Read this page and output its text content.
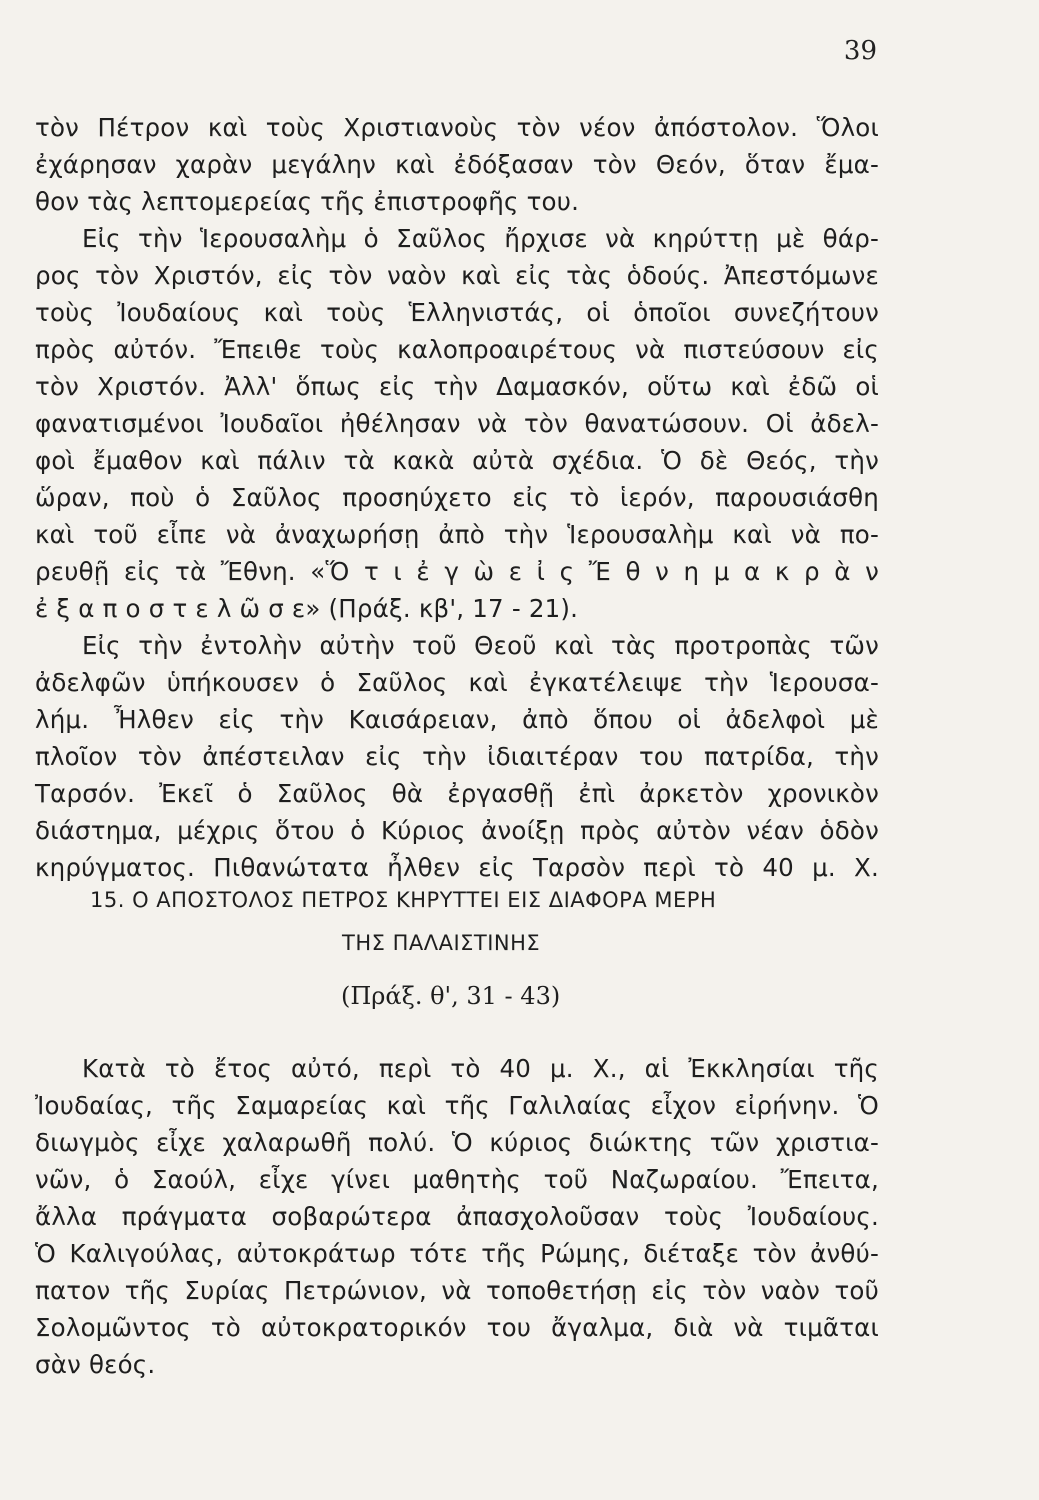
39
τὸν Πέτρον καὶ τοὺς Χριστιανοὺς τὸν νέον ἀπόστολον. Ὅλοι
ἐχάρησαν χαρὰν μεγάλην καὶ ἐδόξασαν τὸν Θεόν, ὅταν ἔμα-
θον τὰς λεπτομερείας τῆς ἐπιστροφῆς του.
Εἰς τὴν Ἱερουσαλὴμ ὁ Σαῦλος ἤρχισε νὰ κηρύττῃ μὲ θάρ-
ρος τὸν Χριστόν, εἰς τὸν ναὸν καὶ εἰς τὰς ὁδούς. Ἀπεστόμωνε
τοὺς Ἰουδαίους καὶ τοὺς Ἑλληνιστάς, οἱ ὁποῖοι συνεζήτουν
πρὸς αὐτόν. Ἔπειθε τοὺς καλοπροαιρέτους νὰ πιστεύσουν εἰς
τὸν Χριστόν. Ἀλλ' ὅπως εἰς τὴν Δαμασκόν, οὕτω καὶ ἐδῶ οἱ
φανατισμένοι Ἰουδαῖοι ἠθέλησαν νὰ τὸν θανατώσουν. Οἱ ἀδελ-
φοὶ ἔμαθον καὶ πάλιν τὰ κακὰ αὐτὰ σχέδια. Ὁ δὲ Θεός, τὴν
ὥραν, ποὺ ὁ Σαῦλος προσηύχετο εἰς τὸ ἱερόν, παρουσιάσθη
καὶ τοῦ εἶπε νὰ ἀναχωρήσῃ ἀπὸ τὴν Ἱερουσαλὴμ καὶ νὰ πο-
ρευθῇ εἰς τὰ Ἔθνη. «Ὅ τ ι ἐ γ ὼ ε ἰ ς Ἔ θ ν η μ α κ ρ ὰ ν
ἐ ξ α π ο σ τ ε λ ῶ σ ε» (Πράξ. κβ', 17 - 21).
Εἰς τὴν ἐντολὴν αὐτὴν τοῦ Θεοῦ καὶ τὰς προτροπὰς τῶν
ἀδελφῶν ὑπήκουσεν ὁ Σαῦλος καὶ ἐγκατέλειψε τὴν Ἱερουσα-
λήμ. Ἦλθεν εἰς τὴν Καισάρειαν, ἀπὸ ὅπου οἱ ἀδελφοὶ μὲ
πλοῖον τὸν ἀπέστειλαν εἰς τὴν ἰδιαιτέραν του πατρίδα, τὴν
Ταρσόν. Ἐκεῖ ὁ Σαῦλος θὰ ἐργασθῇ ἐπὶ ἀρκετὸν χρονικὸν
διάστημα, μέχρις ὅτου ὁ Κύριος ἀνοίξῃ πρὸς αὐτὸν νέαν ὁδὸν
κηρύγματος. Πιθανώτατα ἦλθεν εἰς Ταρσὸν περὶ τὸ 40 μ. Χ.
15. Ο ΑΠΟΣΤΟΛΟΣ ΠΕΤΡΟΣ ΚΗΡΥΤΤΕΙ ΕΙΣ ΔΙΑΦΟΡΑ ΜΕΡΗ
ΤΗΣ ΠΑΛΑΙΣΤΙΝΗΣ
(Πράξ. θ', 31 - 43)
Κατὰ τὸ ἔτος αὐτό, περὶ τὸ 40 μ. Χ., αἱ Ἐκκλησίαι τῆς
Ἰουδαίας, τῆς Σαμαρείας καὶ τῆς Γαλιλαίας εἶχον εἰρήνην. Ὁ
διωγμὸς εἶχε χαλαρωθῆ πολύ. Ὁ κύριος διώκτης τῶν χριστια-
νῶν, ὁ Σαούλ, εἶχε γίνει μαθητὴς τοῦ Ναζωραίου. Ἔπειτα,
ἄλλα πράγματα σοβαρώτερα ἀπασχολοῦσαν τοὺς Ἰουδαίους.
Ὁ Καλιγούλας, αὐτοκράτωρ τότε τῆς Ρώμης, διέταξε τὸν ἀνθύ-
πατον τῆς Συρίας Πετρώνιον, νὰ τοποθετήσῃ εἰς τὸν ναὸν τοῦ
Σολομῶντος τὸ αὐτοκρατορικόν του ἄγαλμα, διὰ νὰ τιμᾶται
σὰν θεός.
